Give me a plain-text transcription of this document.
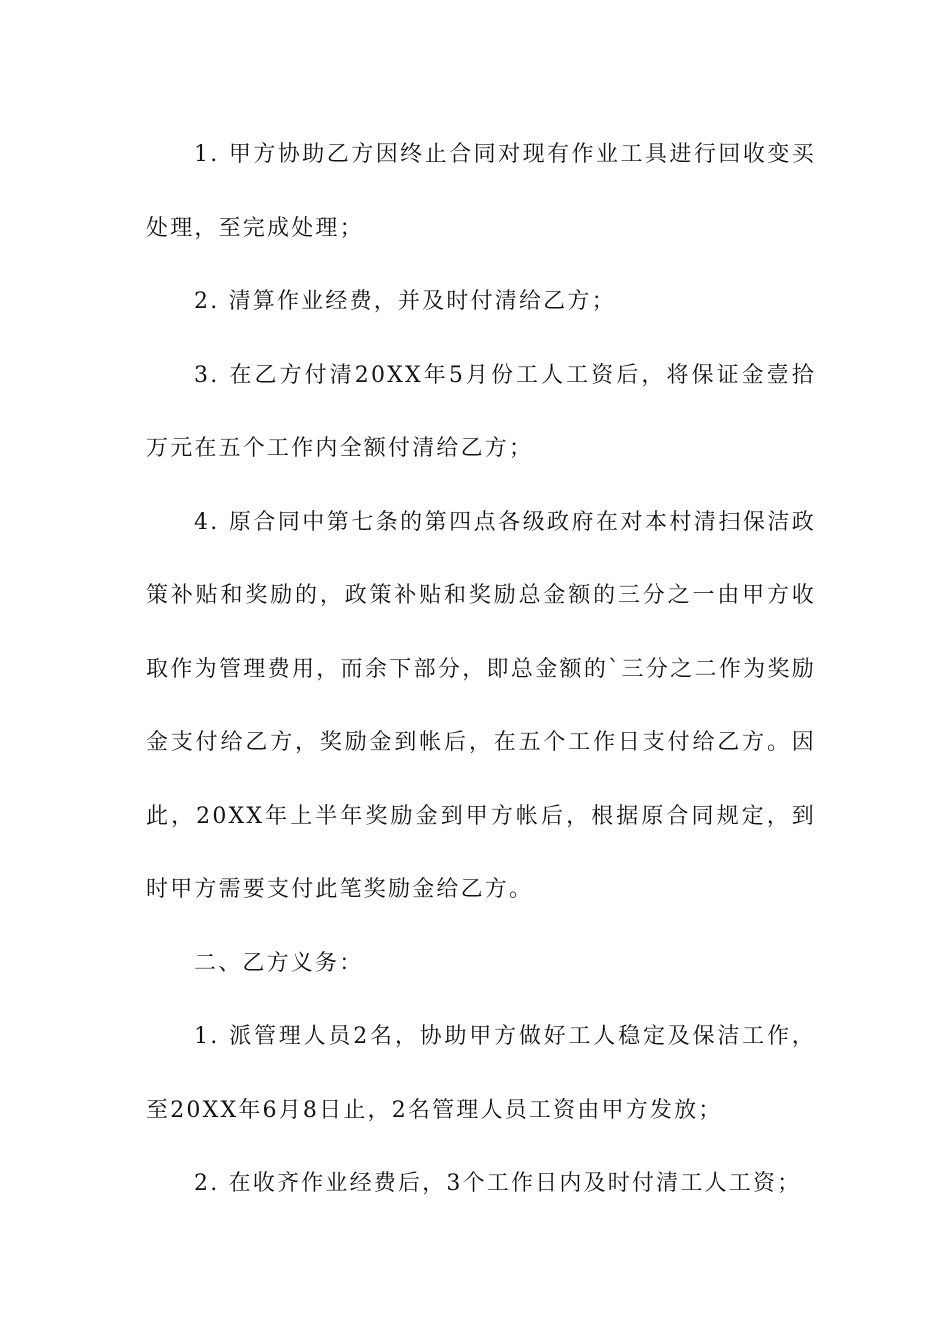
1. 甲方协助乙方因终止合同对现有作业工具进行回收变买处理，至完成处理；

2. 清算作业经费，并及时付清给乙方；

3. 在乙方付清20XX年5月份工人工资后，将保证金壹拾万元在五个工作内全额付清给乙方；

4. 原合同中第七条的第四点各级政府在对本村清扫保洁政策补贴和奖励的，政策补贴和奖励总金额的三分之一由甲方收取作为管理费用，而余下部分，即总金额的`三分之二作为奖励金支付给乙方，奖励金到帐后，在五个工作日支付给乙方。因此，20XX年上半年奖励金到甲方帐后，根据原合同规定，到时甲方需要支付此笔奖励金给乙方。

二、乙方义务：

1. 派管理人员2名，协助甲方做好工人稳定及保洁工作，至20XX年6月8日止，2名管理人员工资由甲方发放；

2. 在收齐作业经费后，3个工作日内及时付清工人工资；
